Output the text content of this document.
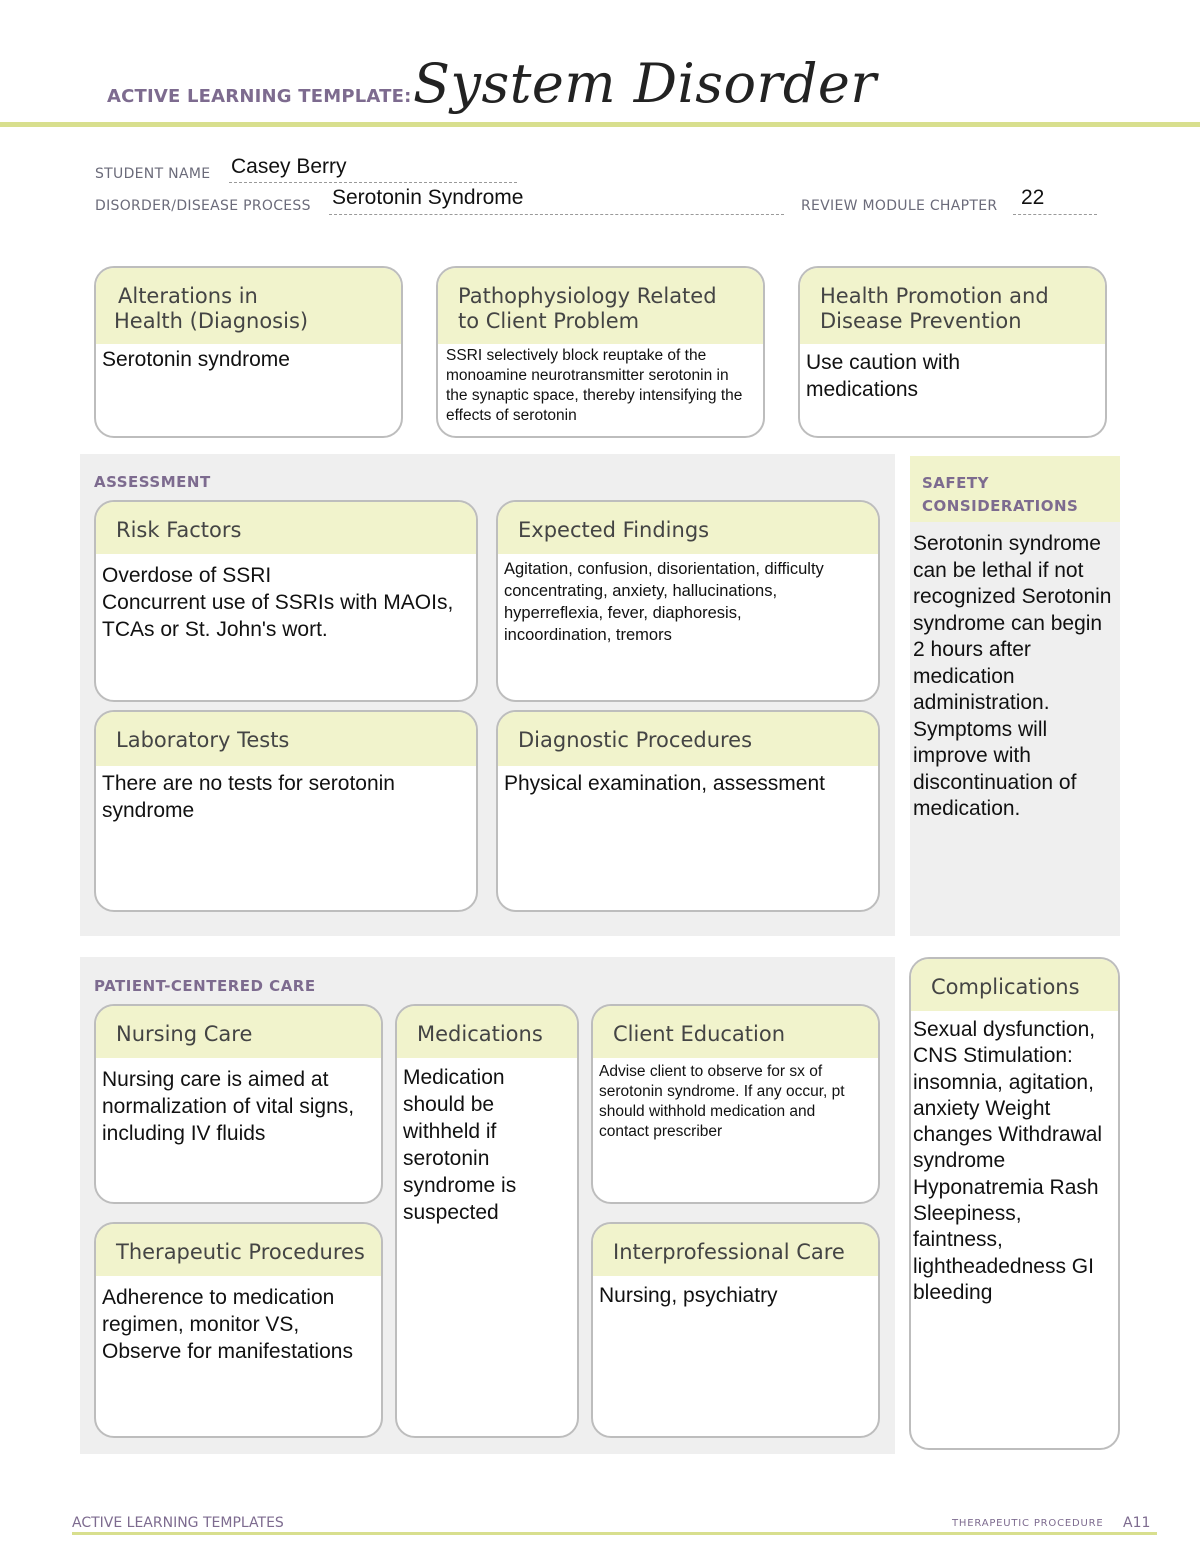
ACTIVE LEARNING TEMPLATE: System Disorder
STUDENT NAME Casey Berry
DISORDER/DISEASE PROCESS Serotonin Syndrome	REVIEW MODULE CHAPTER 22
Alterations in
Health (Diagnosis)
Serotonin syndrome
Pathophysiology Related
to Client Problem
SSRI selectively block reuptake of the monoamine neurotransmitter serotonin in the synaptic space, thereby intensifying the effects of serotonin
Health Promotion and
Disease Prevention
Use caution with medications
ASSESSMENT
Risk Factors
Overdose of SSRI
Concurrent use of SSRIs with MAOIs, TCAs or St. John's wort.
Expected Findings
Agitation, confusion, disorientation, difficulty concentrating, anxiety, hallucinations, hyperreflexia, fever, diaphoresis, incoordination, tremors
Laboratory Tests
There are no tests for serotonin syndrome
Diagnostic Procedures
Physical examination, assessment
SAFETY
CONSIDERATIONS
Serotonin syndrome can be lethal if not recognized Serotonin syndrome can begin 2 hours after medication administration. Symptoms will improve with discontinuation of medication.
PATIENT-CENTERED CARE
Nursing Care
Nursing care is aimed at normalization of vital signs, including IV fluids
Medications
Medication should be withheld if serotonin syndrome is suspected
Client Education
Advise client to observe for sx of serotonin syndrome. If any occur, pt should withhold medication and contact prescriber
Therapeutic Procedures
Adherence to medication regimen, monitor VS, Observe for manifestations
Interprofessional Care
Nursing, psychiatry
Complications
Sexual dysfunction, CNS Stimulation: insomnia, agitation, anxiety Weight changes Withdrawal syndrome Hyponatremia Rash Sleepiness, faintness, lightheadedness GI bleeding
ACTIVE LEARNING TEMPLATES	THERAPEUTIC PROCEDURE A11
